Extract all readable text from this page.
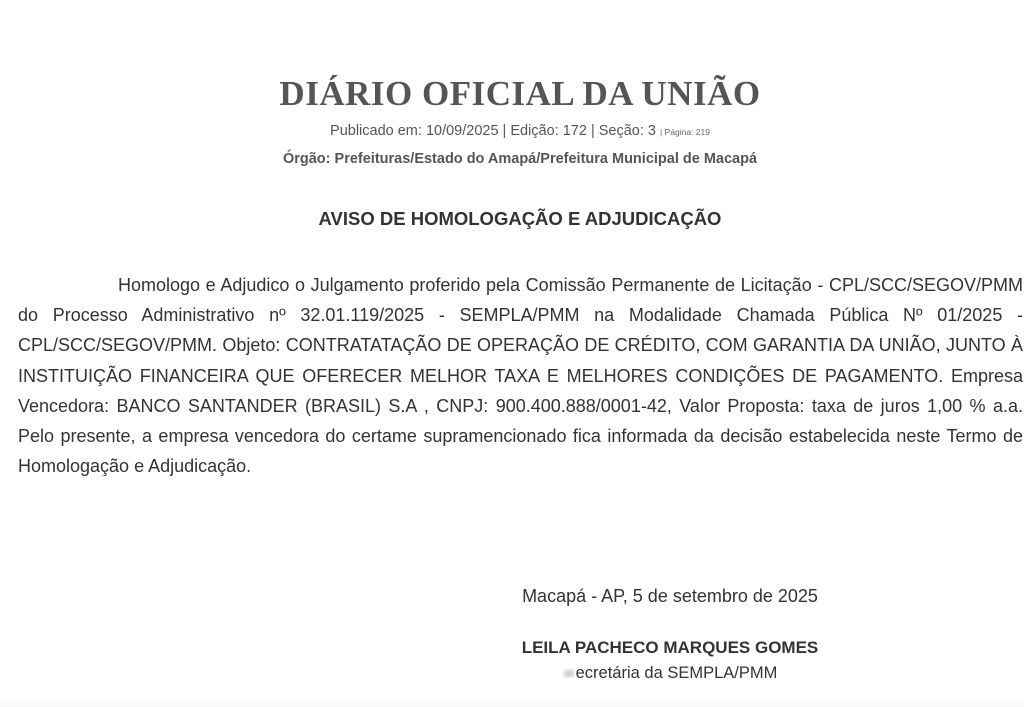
DIÁRIO OFICIAL DA UNIÃO
Publicado em: 10/09/2025 | Edição: 172 | Seção: 3 | Página: 219
Órgão: Prefeituras/Estado do Amapá/Prefeitura Municipal de Macapá
AVISO DE HOMOLOGAÇÃO E ADJUDICAÇÃO

Homologo e Adjudico o Julgamento proferido pela Comissão Permanente de Licitação - CPL/SCC/SEGOV/PMM do Processo Administrativo nº 32.01.119/2025 - SEMPLA/PMM na Modalidade Chamada Pública Nº 01/2025 - CPL/SCC/SEGOV/PMM. Objeto: CONTRATATAÇÃO DE OPERAÇÃO DE CRÉDITO, COM GARANTIA DA UNIÃO, JUNTO À INSTITUIÇÃO FINANCEIRA QUE OFERECER MELHOR TAXA E MELHORES CONDIÇÕES DE PAGAMENTO. Empresa Vencedora: BANCO SANTANDER (BRASIL) S.A , CNPJ: 900.400.888/0001-42, Valor Proposta: taxa de juros 1,00 % a.a. Pelo presente, a empresa vencedora do certame supramencionado fica informada da decisão estabelecida neste Termo de Homologação e Adjudicação.

Macapá - AP, 5 de setembro de 2025
LEILA PACHECO MARQUES GOMES
ecretária da SEMPLA/PMM
